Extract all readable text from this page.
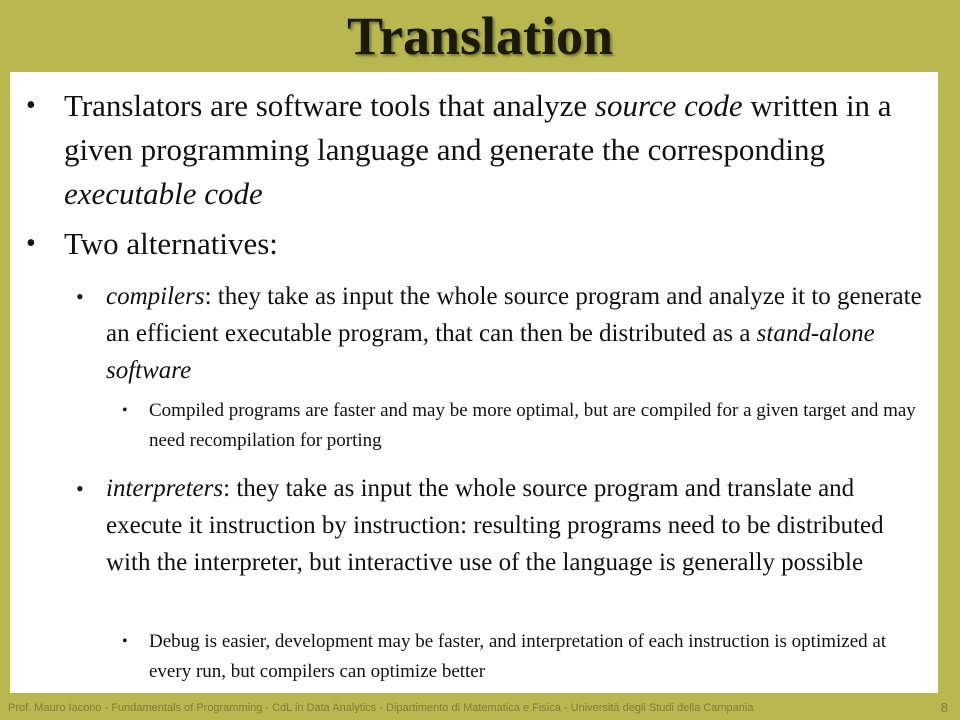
Translation
• Translators are software tools that analyze source code written in a given programming language and generate the corresponding executable code
• Two alternatives:
• compilers: they take as input the whole source program and analyze it to generate an efficient executable program, that can then be distributed as a stand-alone software
• Compiled programs are faster and may be more optimal, but are compiled for a given target and may need recompilation for porting
• interpreters: they take as input the whole source program and translate and execute it instruction by instruction: resulting programs need to be distributed with the interpreter, but interactive use of the language is generally possible
• Debug is easier, development may be faster, and interpretation of each instruction is optimized at every run, but compilers can optimize better
Prof. Mauro Iacono - Fundamentals of Programming - CdL in Data Analytics - Dipartimento di Matematica e Fisica - Università degli Studi della Campania	8
